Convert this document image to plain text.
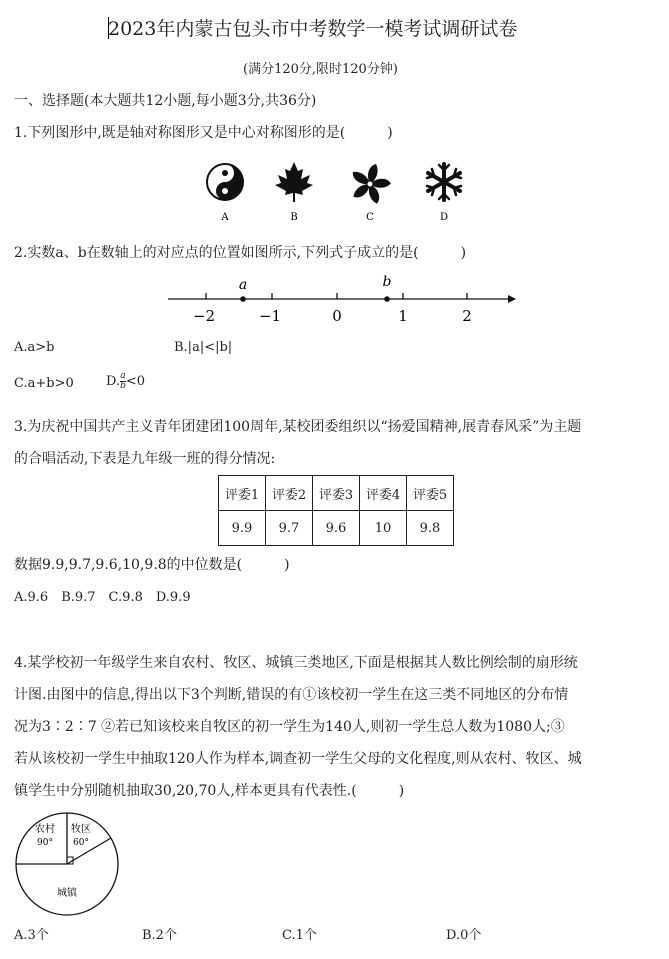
2023年内蒙古包头市中考数学一模考试调研试卷
(满分120分,限时120分钟)
一、选择题(本大题共12小题,每小题3分,共36分)
1.下列图形中,既是轴对称图形又是中心对称图形的是(　　　)
A	B	C	D
2.实数a、b在数轴上的对应点的位置如图所示,下列式子成立的是(　　　)
a	b
−2	−1	0	1	2
A.a>b	B.|a|<|b|
C.a+b>0 D. $\frac{a}{b} <0$
3.为庆祝中国共产主义青年团建团100周年,某校团委组织以“扬爱国精神,展青春风采”为主题
的合唱活动,下表是九年级一班的得分情况:
评委1	评委2	评委3	评委4	评委5
9.9	9.7	9.6	10	9.8
数据9.9,9.7,9.6,10,9.8的中位数是(　　　)
A.9.6　B.9.7　C.9.8　D.9.9
4.某学校初一年级学生来自农村、牧区、城镇三类地区,下面是根据其人数比例绘制的扇形统
计图.由图中的信息,得出以下3个判断,错误的有①该校初一学生在这三类不同地区的分布情
况为3∶2∶7 ②若已知该校来自牧区的初一学生为140人,则初一学生总人数为1080人;③
若从该校初一学生中抽取120人作为样本,调查初一学生父母的文化程度,则从农村、牧区、城
镇学生中分别随机抽取30,20,70人,样本更具有代表性.(　　　)
农村
90°
牧区
60°
城镇
A.3个	B.2个	C.1个	D.0个
